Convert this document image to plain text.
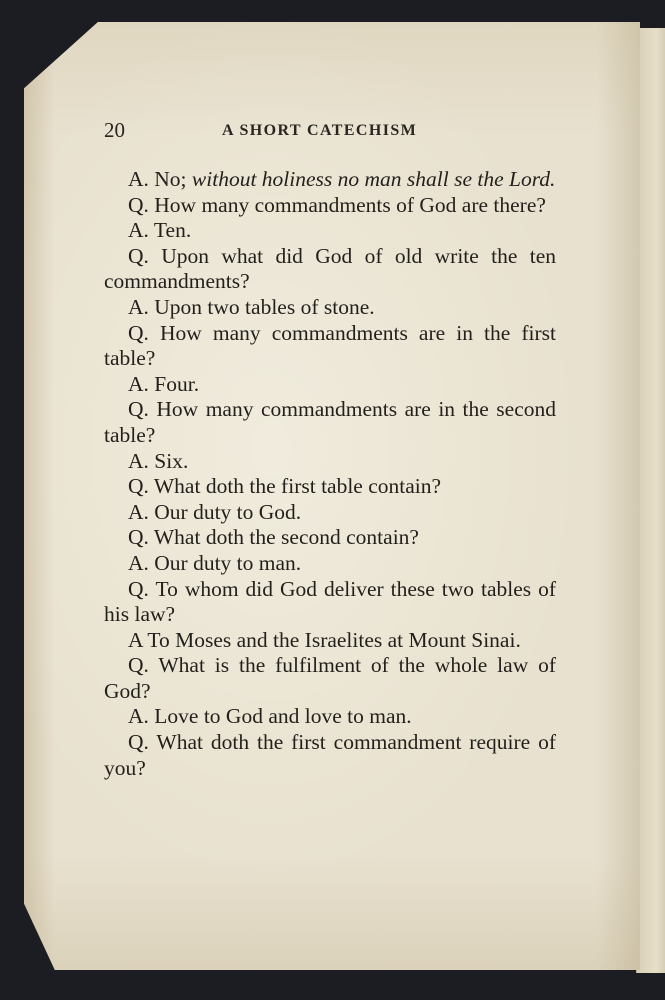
20	A SHORT CATECHISM

A. No; without holiness no man shall se the Lord.

Q. How many commandments of God are there?

A. Ten.

Q. Upon what did God of old write the ten commandments?

A. Upon two tables of stone.

Q. How many commandments are in the first table?

A. Four.

Q. How many commandments are in the second table?

A. Six.

Q. What doth the first table contain?

A. Our duty to God.

Q. What doth the second contain?

A. Our duty to man.

Q. To whom did God deliver these two tables of his law?

A To Moses and the Israelites at Mount Sinai.

Q. What is the fulfilment of the whole law of God?

A. Love to God and love to man.

Q. What doth the first commandment require of you?
